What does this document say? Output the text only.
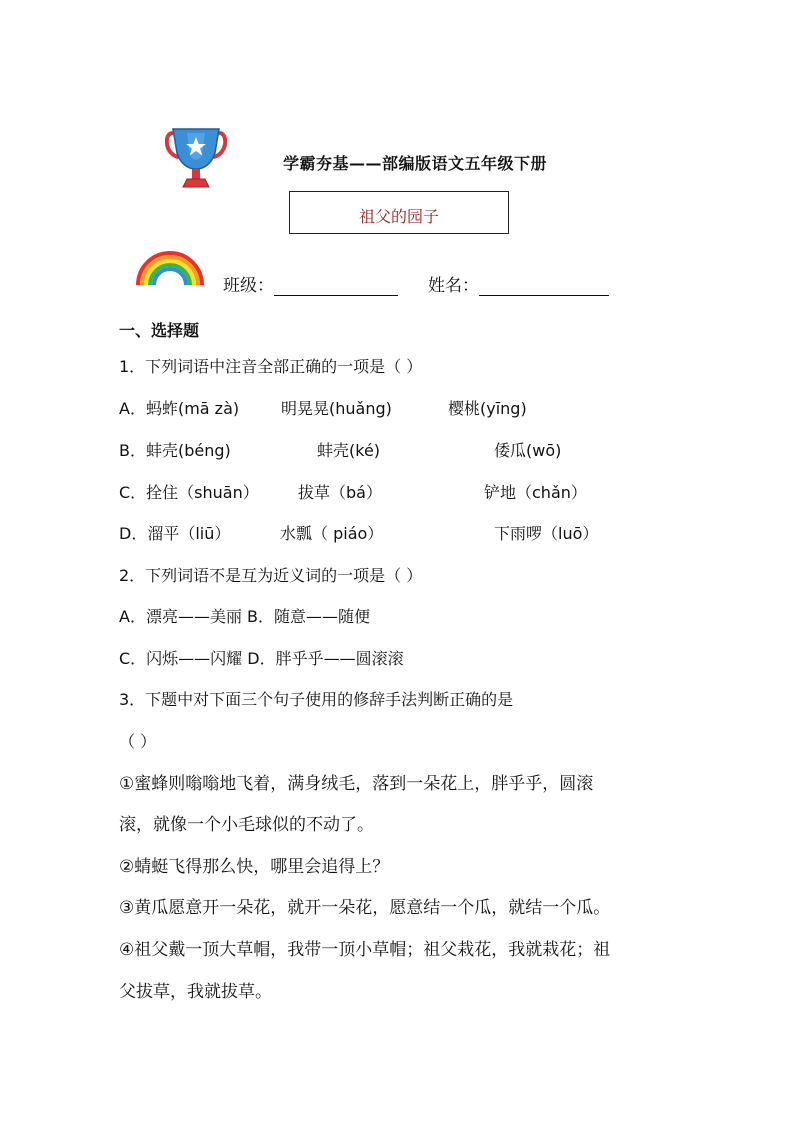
学霸夯基——部编版语文五年级下册
祖父的园子
班级：	姓名：
一、选择题
1．下列词语中注音全部正确的一项是（ ）
A．蚂蚱(mā zà)	明晃晃(huǎng)	樱桃(yīng)
B．蚌壳(béng)	蚌壳(ké)	倭瓜(wō)
C．拴住（shuān） 拔草（bá）	铲地（chǎn）
D．溜平（liū）	水瓢（ piáo）	下雨啰（luō）
2．下列词语不是互为近义词的一项是（ ）
A．漂亮——美丽 B．随意——随便
C．闪烁——闪耀 D．胖乎乎——圆滚滚
3．下题中对下面三个句子使用的修辞手法判断正确的是
（ ）
①蜜蜂则嗡嗡地飞着，满身绒毛，落到一朵花上，胖乎乎，圆滚
滚，就像一个小毛球似的不动了。
②蜻蜓飞得那么快，哪里会追得上？
③黄瓜愿意开一朵花，就开一朵花，愿意结一个瓜，就结一个瓜。
④祖父戴一顶大草帽，我带一顶小草帽；祖父栽花，我就栽花；祖
父拔草，我就拔草。
